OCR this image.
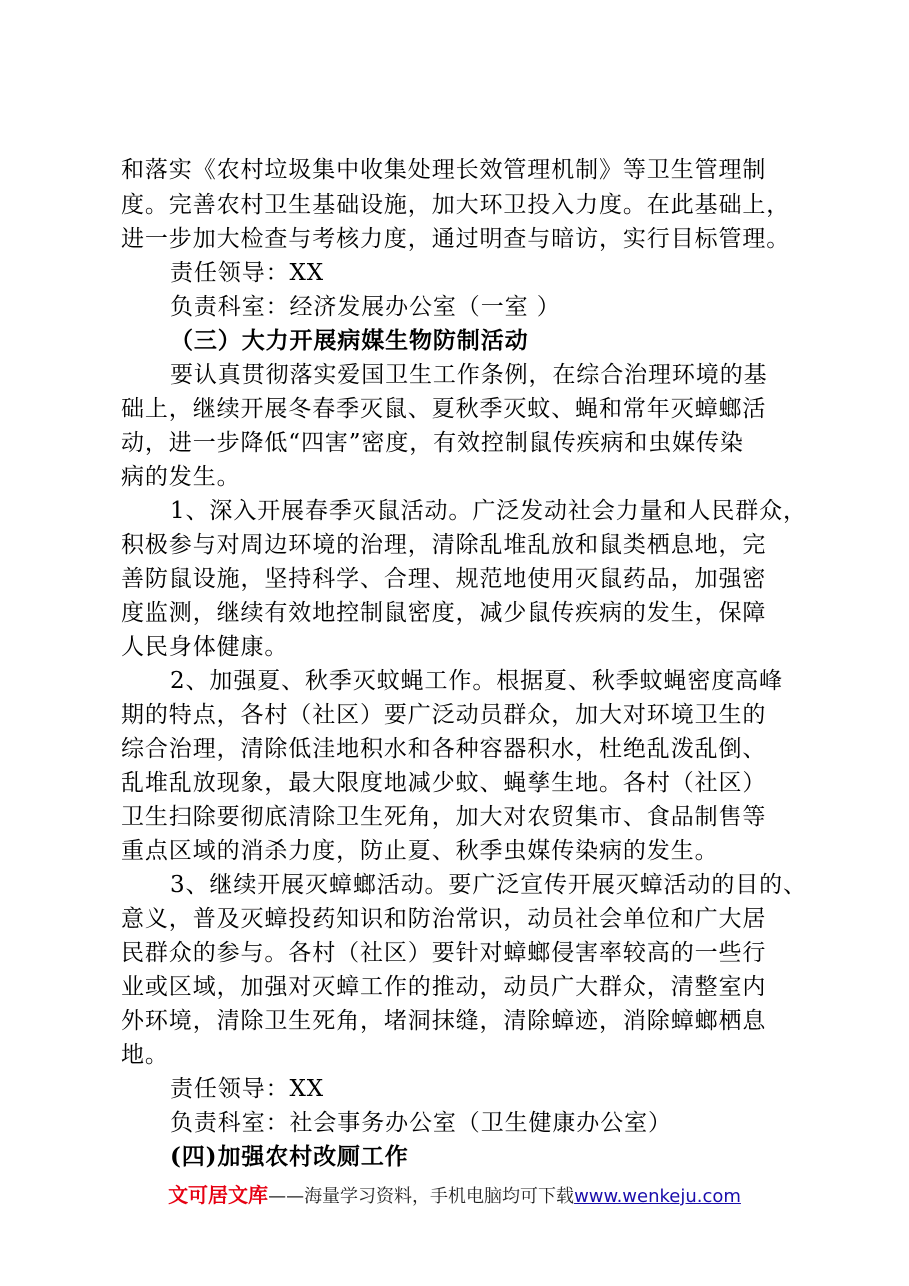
和落实《农村垃圾集中收集处理长效管理机制》等卫生管理制
度。完善农村卫生基础设施，加大环卫投入力度。在此基础上，
进一步加大检查与考核力度，通过明查与暗访，实行目标管理。
责任领导：XX
负责科室：经济发展办公室（一室 ）
（三）大力开展病媒生物防制活动
要认真贯彻落实爱国卫生工作条例，在综合治理环境的基
础上，继续开展冬春季灭鼠、夏秋季灭蚊、蝇和常年灭蟑螂活
动，进一步降低“四害”密度，有效控制鼠传疾病和虫媒传染
病的发生。
1、深入开展春季灭鼠活动。广泛发动社会力量和人民群众，
积极参与对周边环境的治理，清除乱堆乱放和鼠类栖息地，完
善防鼠设施，坚持科学、合理、规范地使用灭鼠药品，加强密
度监测，继续有效地控制鼠密度，减少鼠传疾病的发生，保障
人民身体健康。
2、加强夏、秋季灭蚊蝇工作。根据夏、秋季蚊蝇密度高峰
期的特点，各村（社区）要广泛动员群众，加大对环境卫生的
综合治理，清除低洼地积水和各种容器积水，杜绝乱泼乱倒、
乱堆乱放现象，最大限度地减少蚊、蝇孳生地。各村（社区）
卫生扫除要彻底清除卫生死角，加大对农贸集市、食品制售等
重点区域的消杀力度，防止夏、秋季虫媒传染病的发生。
3、继续开展灭蟑螂活动。要广泛宣传开展灭蟑活动的目的、
意义，普及灭蟑投药知识和防治常识，动员社会单位和广大居
民群众的参与。各村（社区）要针对蟑螂侵害率较高的一些行
业或区域，加强对灭蟑工作的推动，动员广大群众，清整室内
外环境，清除卫生死角，堵洞抹缝，清除蟑迹，消除蟑螂栖息
地。
责任领导：XX
负责科室：社会事务办公室（卫生健康办公室）
(四)加强农村改厕工作
文可居文库——海量学习资料，手机电脑均可下载www.wenkeju.com
